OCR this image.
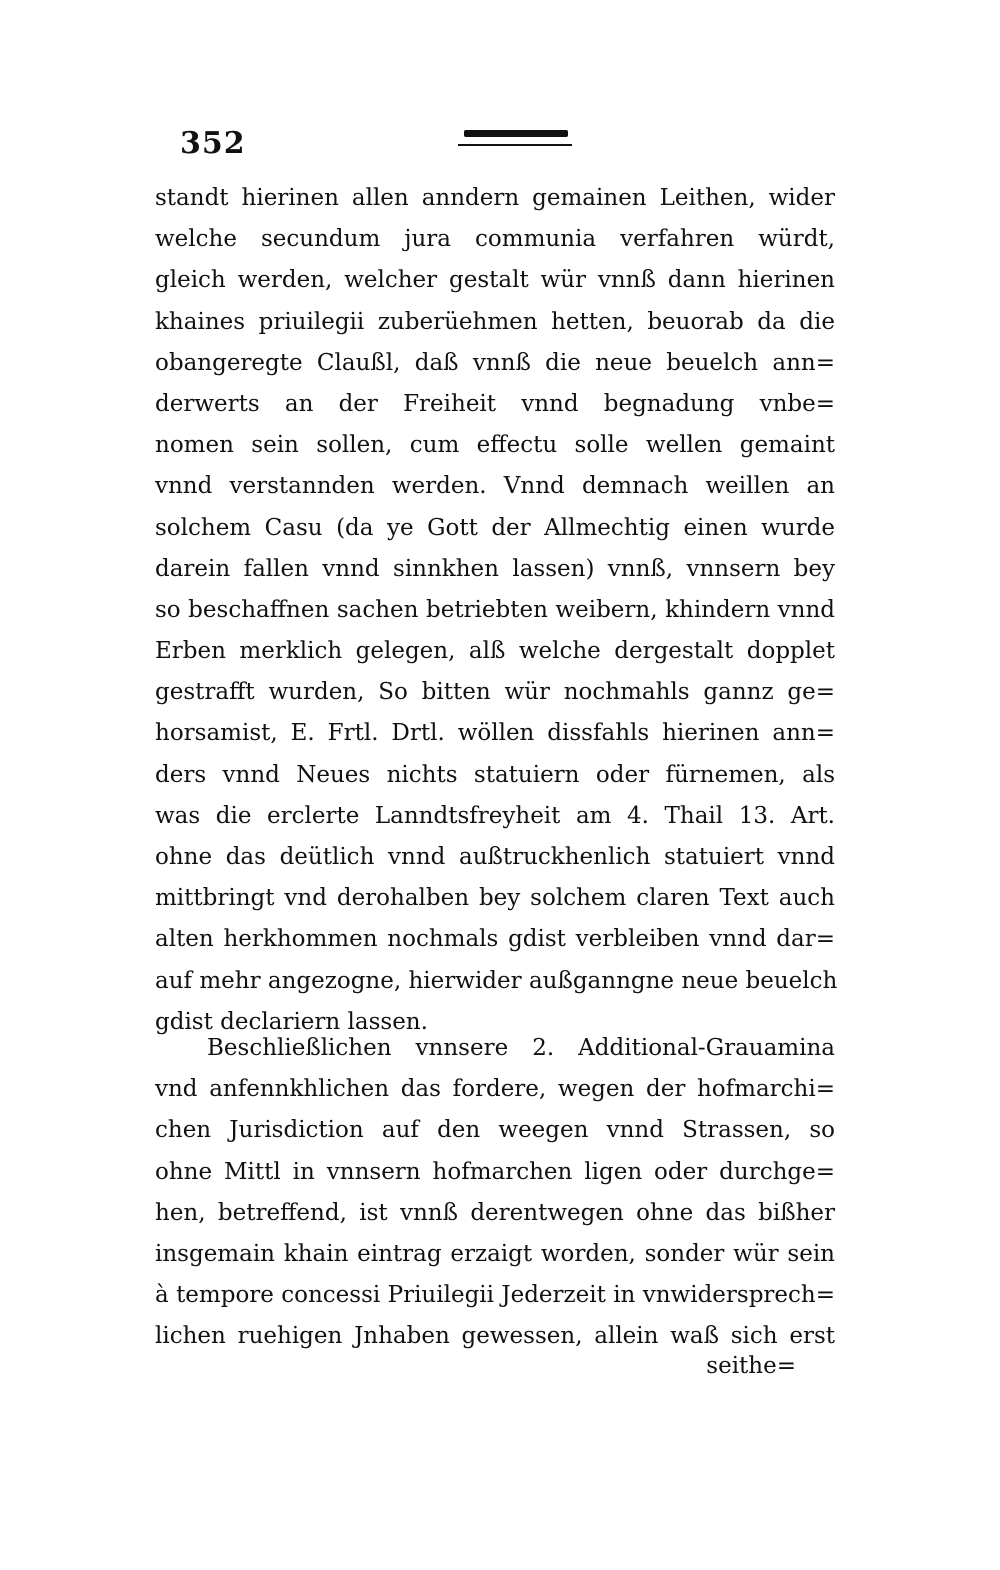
352
standt hierinen allen anndern gemainen Leithen, wider
welche secundum jura communia verfahren würdt,
gleich werden, welcher gestalt wür vnnß dann hierinen
khaines priuilegii zuberüehmen hetten, beuorab da die
obangeregte Claußl, daß vnnß die neue beuelch ann=
derwerts an der Freiheit vnnd begnadung vnbe=
nomen sein sollen, cum effectu solle wellen gemaint
vnnd verstannden werden. Vnnd demnach weillen an
solchem Casu (da ye Gott der Allmechtig einen wurde
darein fallen vnnd sinnkhen lassen) vnnß, vnnsern bey
so beschaffnen sachen betriebten weibern, khindern vnnd
Erben merklich gelegen, alß welche dergestalt dopplet
gestrafft wurden, So bitten wür nochmahls gannz ge=
horsamist, E. Frtl. Drtl. wöllen dissfahls hierinen ann=
ders vnnd Neues nichts statuiern oder fürnemen, als
was die erclerte Lanndtsfreyheit am 4. Thail 13. Art.
ohne das deütlich vnnd außtruckhenlich statuiert vnnd
mittbringt vnd derohalben bey solchem claren Text auch
alten herkhommen nochmals gdist verbleiben vnnd dar=
auf mehr angezogne, hierwider außganngne neue beuelch
gdist declariern lassen.
Beschließlichen vnnsere 2. Additional-Grauamina
vnd anfennkhlichen das fordere, wegen der hofmarchi=
chen Jurisdiction auf den weegen vnnd Strassen, so
ohne Mittl in vnnsern hofmarchen ligen oder durchge=
hen, betreffend, ist vnnß derentwegen ohne das bißher
insgemain khain eintrag erzaigt worden, sonder wür sein
à tempore concessi Priuilegii Jederzeit in vnwidersprech=
lichen ruehigen Jnhaben gewessen, allein waß sich erst
seithe=
